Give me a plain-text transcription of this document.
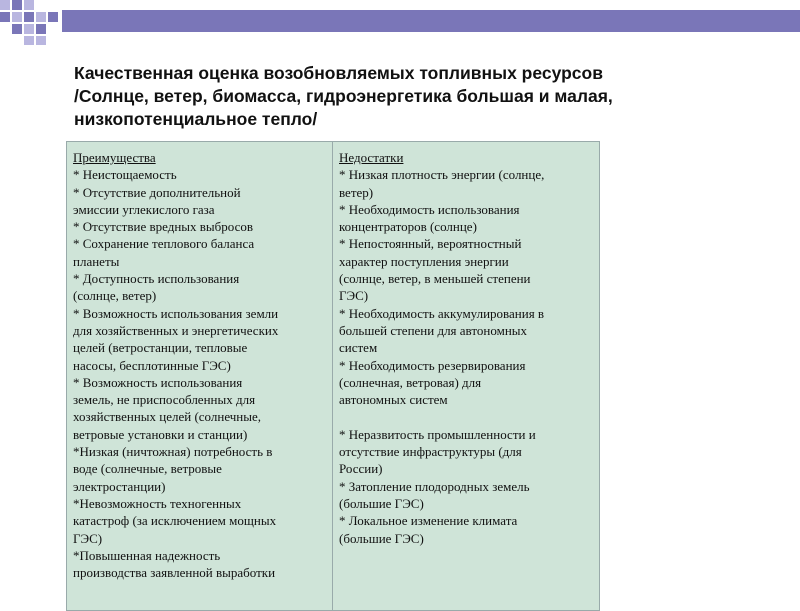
Качественная оценка возобновляемых топливных ресурсов
/Солнце, ветер, биомасса, гидроэнергетика большая и малая,
низкопотенциальное тепло/
Преимущества
* Неистощаемость
* Отсутствие дополнительной
эмиссии углекислого газа
* Отсутствие вредных выбросов
* Сохранение теплового баланса
планеты
* Доступность использования
(солнце, ветер)
* Возможность использования земли
для хозяйственных и энергетических
целей (ветростанции, тепловые
насосы, бесплотинные ГЭС)
* Возможность использования
земель, не приспособленных для
хозяйственных целей (солнечные,
ветровые установки и станции)
*Низкая (ничтожная) потребность в
воде (солнечные, ветровые
электростанции)
*Невозможность техногенных
катастроф (за исключением мощных
ГЭС)
*Повышенная надежность
производства заявленной выработки
Недостатки
* Низкая плотность энергии (солнце,
ветер)
* Необходимость использования
концентраторов (солнце)
* Непостоянный, вероятностный
характер поступления энергии
(солнце, ветер, в меньшей степени
ГЭС)
* Необходимость аккумулирования в
большей степени для автономных
систем
* Необходимость резервирования
(солнечная, ветровая) для
автономных систем
* Неразвитость промышленности и
отсутствие инфраструктуры (для
России)
* Затопление плодородных земель
(большие ГЭС)
* Локальное изменение климата
(большие ГЭС)
